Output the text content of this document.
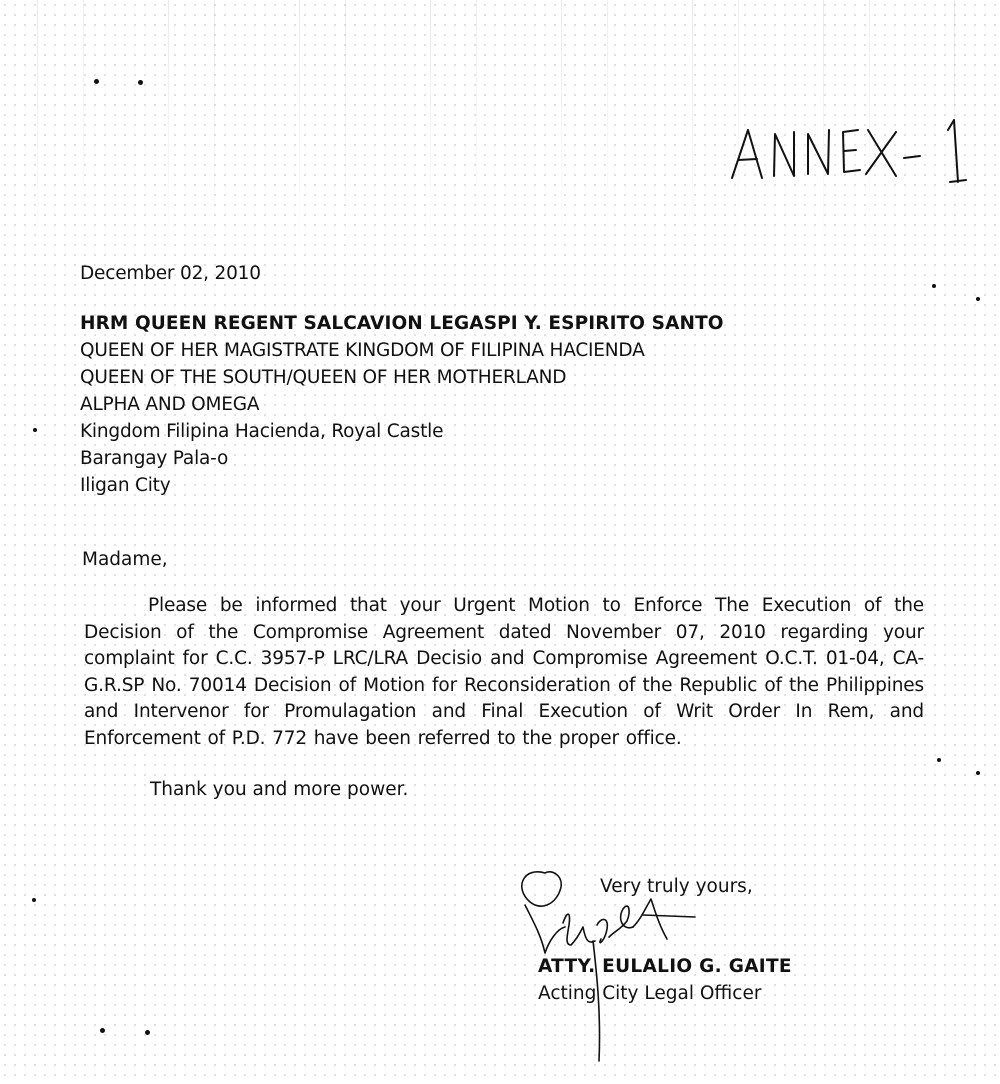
December 02, 2010
HRM QUEEN REGENT SALCAVION LEGASPI Y. ESPIRITO SANTO
QUEEN OF HER MAGISTRATE KINGDOM OF FILIPINA HACIENDA
QUEEN OF THE SOUTH/QUEEN OF HER MOTHERLAND
ALPHA AND OMEGA
Kingdom Filipina Hacienda, Royal Castle
Barangay Pala-o
Iligan City
Madame,
Please be informed that your Urgent Motion to Enforce The Execution of the Decision of the Compromise Agreement dated November 07, 2010 regarding your complaint for C.C. 3957-P LRC/LRA Decisio and Compromise Agreement O.C.T. 01-04, CA-G.R.SP No. 70014 Decision of Motion for Reconsideration of the Republic of the Philippines and Intervenor for Promulagation and Final Execution of Writ Order In Rem, and Enforcement of P.D. 772 have been referred to the proper office.
Thank you and more power.
Very truly yours,
ATTY. EULALIO G. GAITE
Acting City Legal Officer
